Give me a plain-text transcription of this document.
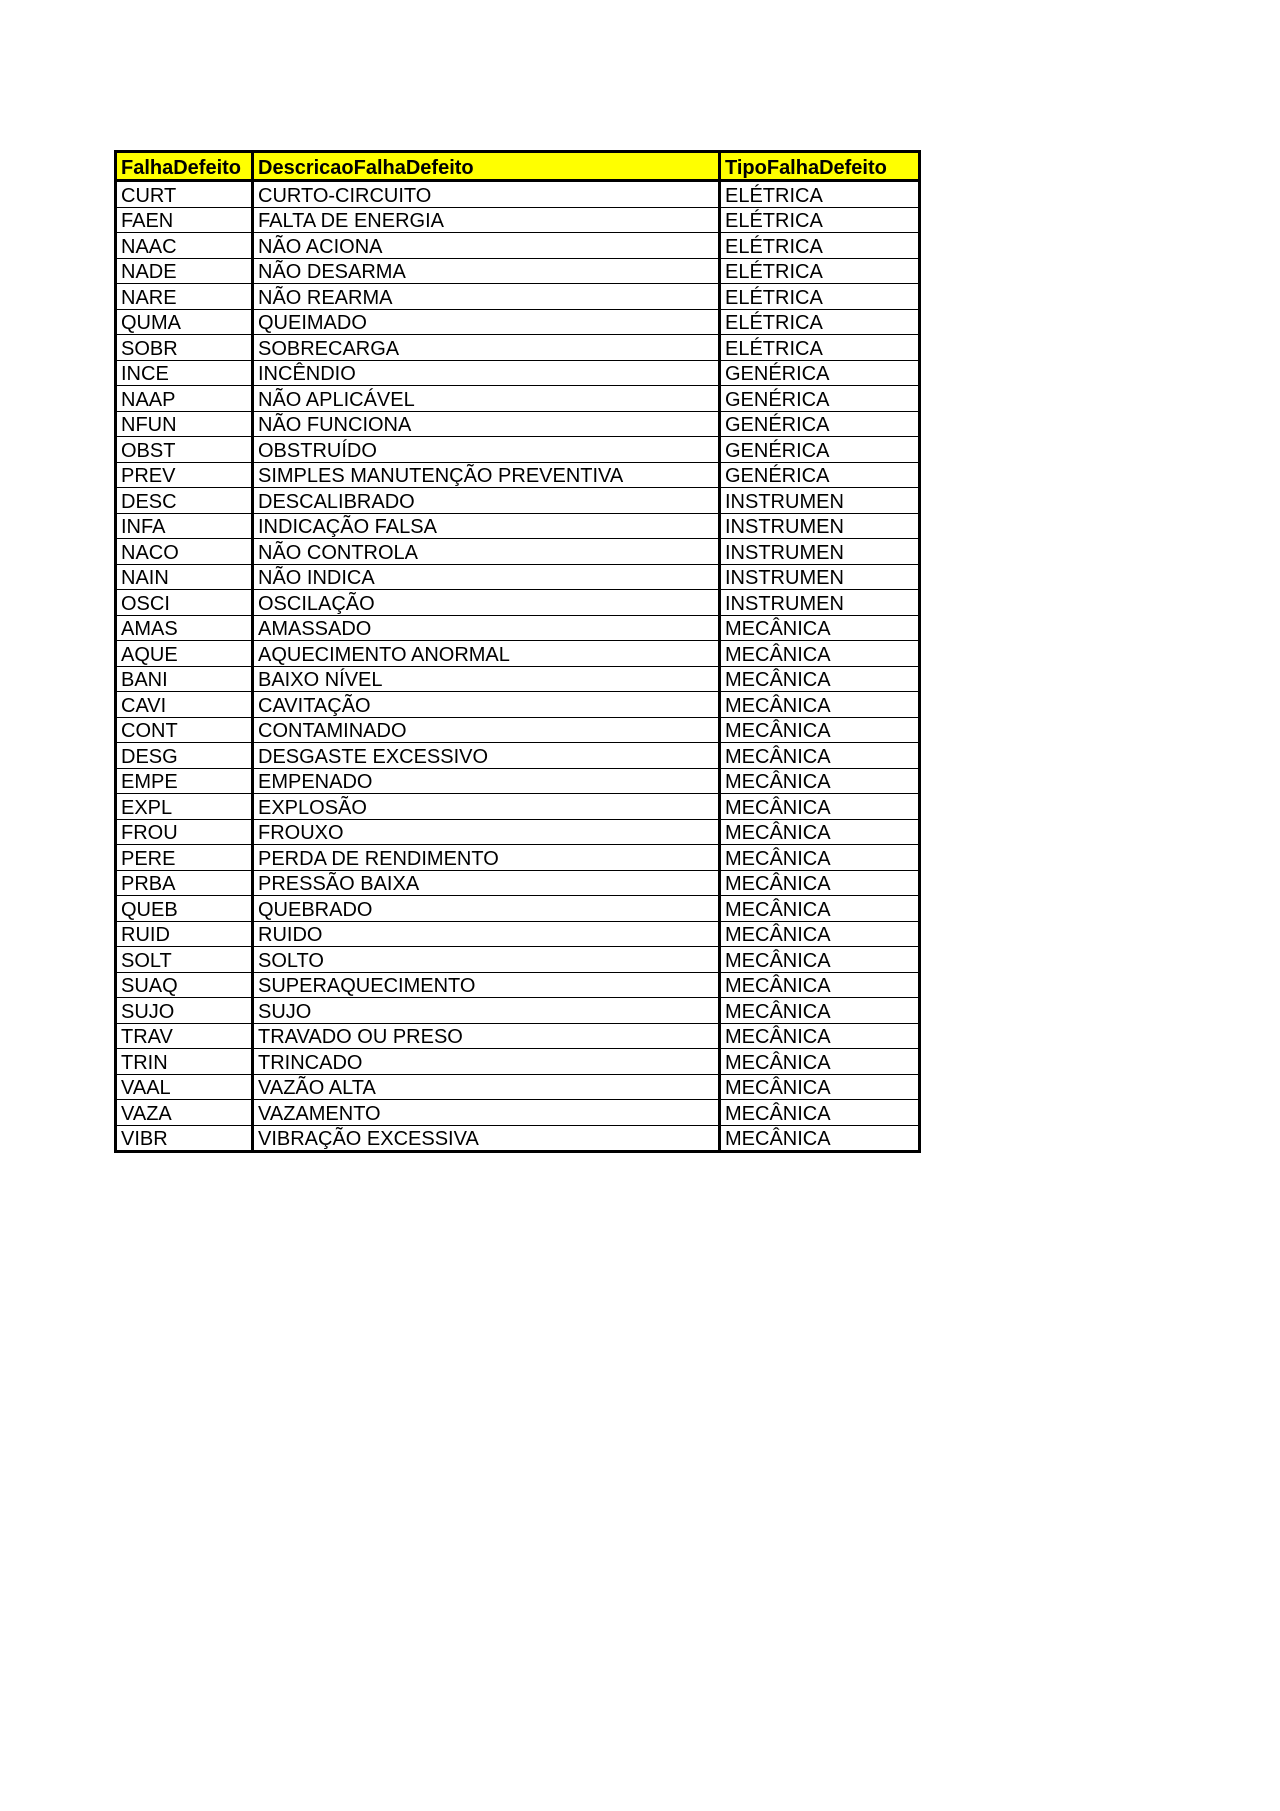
FalhaDefeito	DescricaoFalhaDefeito	TipoFalhaDefeito
CURT	CURTO-CIRCUITO	ELÉTRICA
FAEN	FALTA DE ENERGIA	ELÉTRICA
NAAC	NÃO ACIONA	ELÉTRICA
NADE	NÃO DESARMA	ELÉTRICA
NARE	NÃO REARMA	ELÉTRICA
QUMA	QUEIMADO	ELÉTRICA
SOBR	SOBRECARGA	ELÉTRICA
INCE	INCÊNDIO	GENÉRICA
NAAP	NÃO APLICÁVEL	GENÉRICA
NFUN	NÃO FUNCIONA	GENÉRICA
OBST	OBSTRUÍDO	GENÉRICA
PREV	SIMPLES MANUTENÇÃO PREVENTIVA	GENÉRICA
DESC	DESCALIBRADO	INSTRUMEN
INFA	INDICAÇÃO FALSA	INSTRUMEN
NACO	NÃO CONTROLA	INSTRUMEN
NAIN	NÃO INDICA	INSTRUMEN
OSCI	OSCILAÇÃO	INSTRUMEN
AMAS	AMASSADO	MECÂNICA
AQUE	AQUECIMENTO ANORMAL	MECÂNICA
BANI	BAIXO NÍVEL	MECÂNICA
CAVI	CAVITAÇÃO	MECÂNICA
CONT	CONTAMINADO	MECÂNICA
DESG	DESGASTE EXCESSIVO	MECÂNICA
EMPE	EMPENADO	MECÂNICA
EXPL	EXPLOSÃO	MECÂNICA
FROU	FROUXO	MECÂNICA
PERE	PERDA DE RENDIMENTO	MECÂNICA
PRBA	PRESSÃO BAIXA	MECÂNICA
QUEB	QUEBRADO	MECÂNICA
RUID	RUIDO	MECÂNICA
SOLT	SOLTO	MECÂNICA
SUAQ	SUPERAQUECIMENTO	MECÂNICA
SUJO	SUJO	MECÂNICA
TRAV	TRAVADO OU PRESO	MECÂNICA
TRIN	TRINCADO	MECÂNICA
VAAL	VAZÃO ALTA	MECÂNICA
VAZA	VAZAMENTO	MECÂNICA
VIBR	VIBRAÇÃO EXCESSIVA	MECÂNICA
